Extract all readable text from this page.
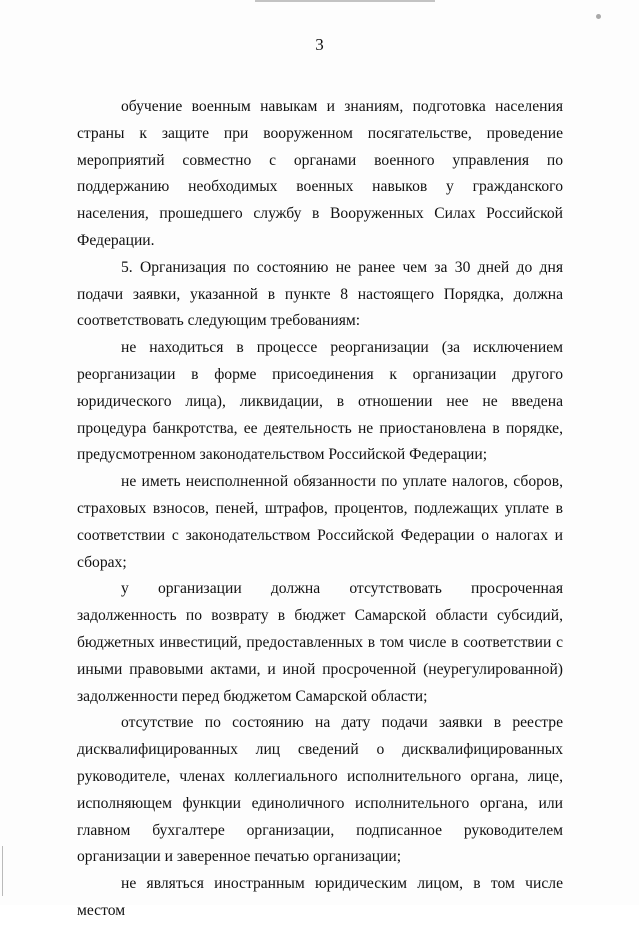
3

обучение военным навыкам и знаниям, подготовка населения страны к защите при вооруженном посягательстве, проведение мероприятий совместно с органами военного управления по поддержанию необходимых военных навыков у гражданского населения, прошедшего службу в Вооруженных Силах Российской Федерации.

5. Организация по состоянию не ранее чем за 30 дней до дня подачи заявки, указанной в пункте 8 настоящего Порядка, должна соответствовать следующим требованиям:

не находиться в процессе реорганизации (за исключением реорганизации в форме присоединения к организации другого юридического лица), ликвидации, в отношении нее не введена процедура банкротства, ее деятельность не приостановлена в порядке, предусмотренном законодательством Российской Федерации;

не иметь неисполненной обязанности по уплате налогов, сборов, страховых взносов, пеней, штрафов, процентов, подлежащих уплате в соответствии с законодательством Российской Федерации о налогах и сборах;

у организации должна отсутствовать просроченная задолженность по возврату в бюджет Самарской области субсидий, бюджетных инвестиций, предоставленных в том числе в соответствии с иными правовыми актами, и иной просроченной (неурегулированной) задолженности перед бюджетом Самарской области;

отсутствие по состоянию на дату подачи заявки в реестре дисквалифицированных лиц сведений о дисквалифицированных руководителе, членах коллегиального исполнительного органа, лице, исполняющем функции единоличного исполнительного органа, или главном бухгалтере организации, подписанное руководителем организации и заверенное печатью организации;

не являться иностранным юридическим лицом, в том числе местом
